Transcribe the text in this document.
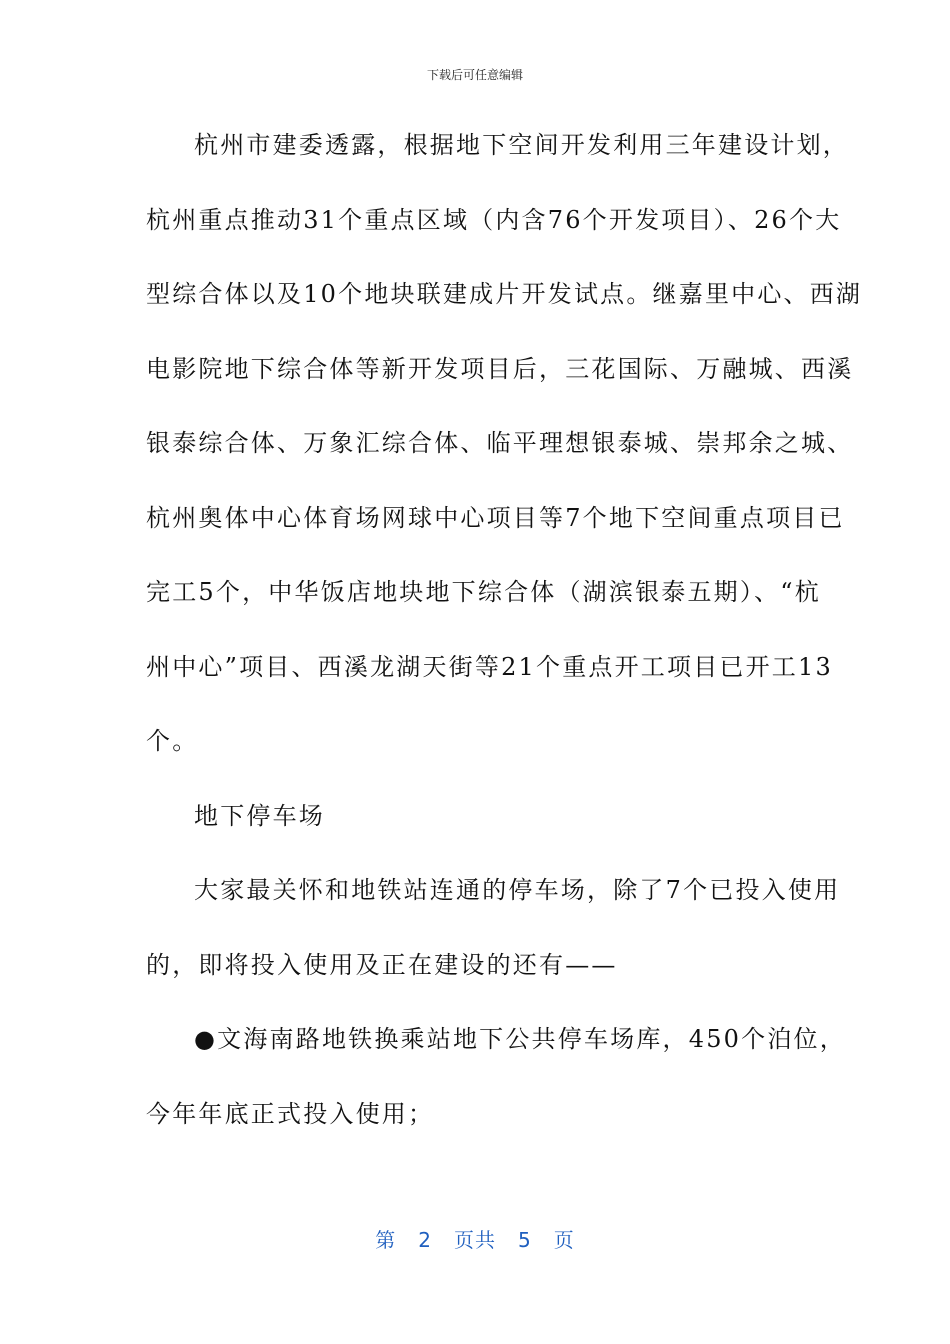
下载后可任意编辑
杭州市建委透露，根据地下空间开发利用三年建设计划，
杭州重点推动31个重点区域（内含76个开发项目）、26个大
型综合体以及10个地块联建成片开发试点。继嘉里中心、西湖
电影院地下综合体等新开发项目后，三花国际、万融城、西溪
银泰综合体、万象汇综合体、临平理想银泰城、崇邦余之城、
杭州奥体中心体育场网球中心项目等7个地下空间重点项目已
完工5个，中华饭店地块地下综合体（湖滨银泰五期）、“杭
州中心”项目、西溪龙湖天街等21个重点开工项目已开工13
个。
地下停车场
大家最关怀和地铁站连通的停车场，除了7个已投入使用
的，即将投入使用及正在建设的还有——
●文海南路地铁换乘站地下公共停车场库，450个泊位，
今年年底正式投入使用；
第 2 页共 5 页
